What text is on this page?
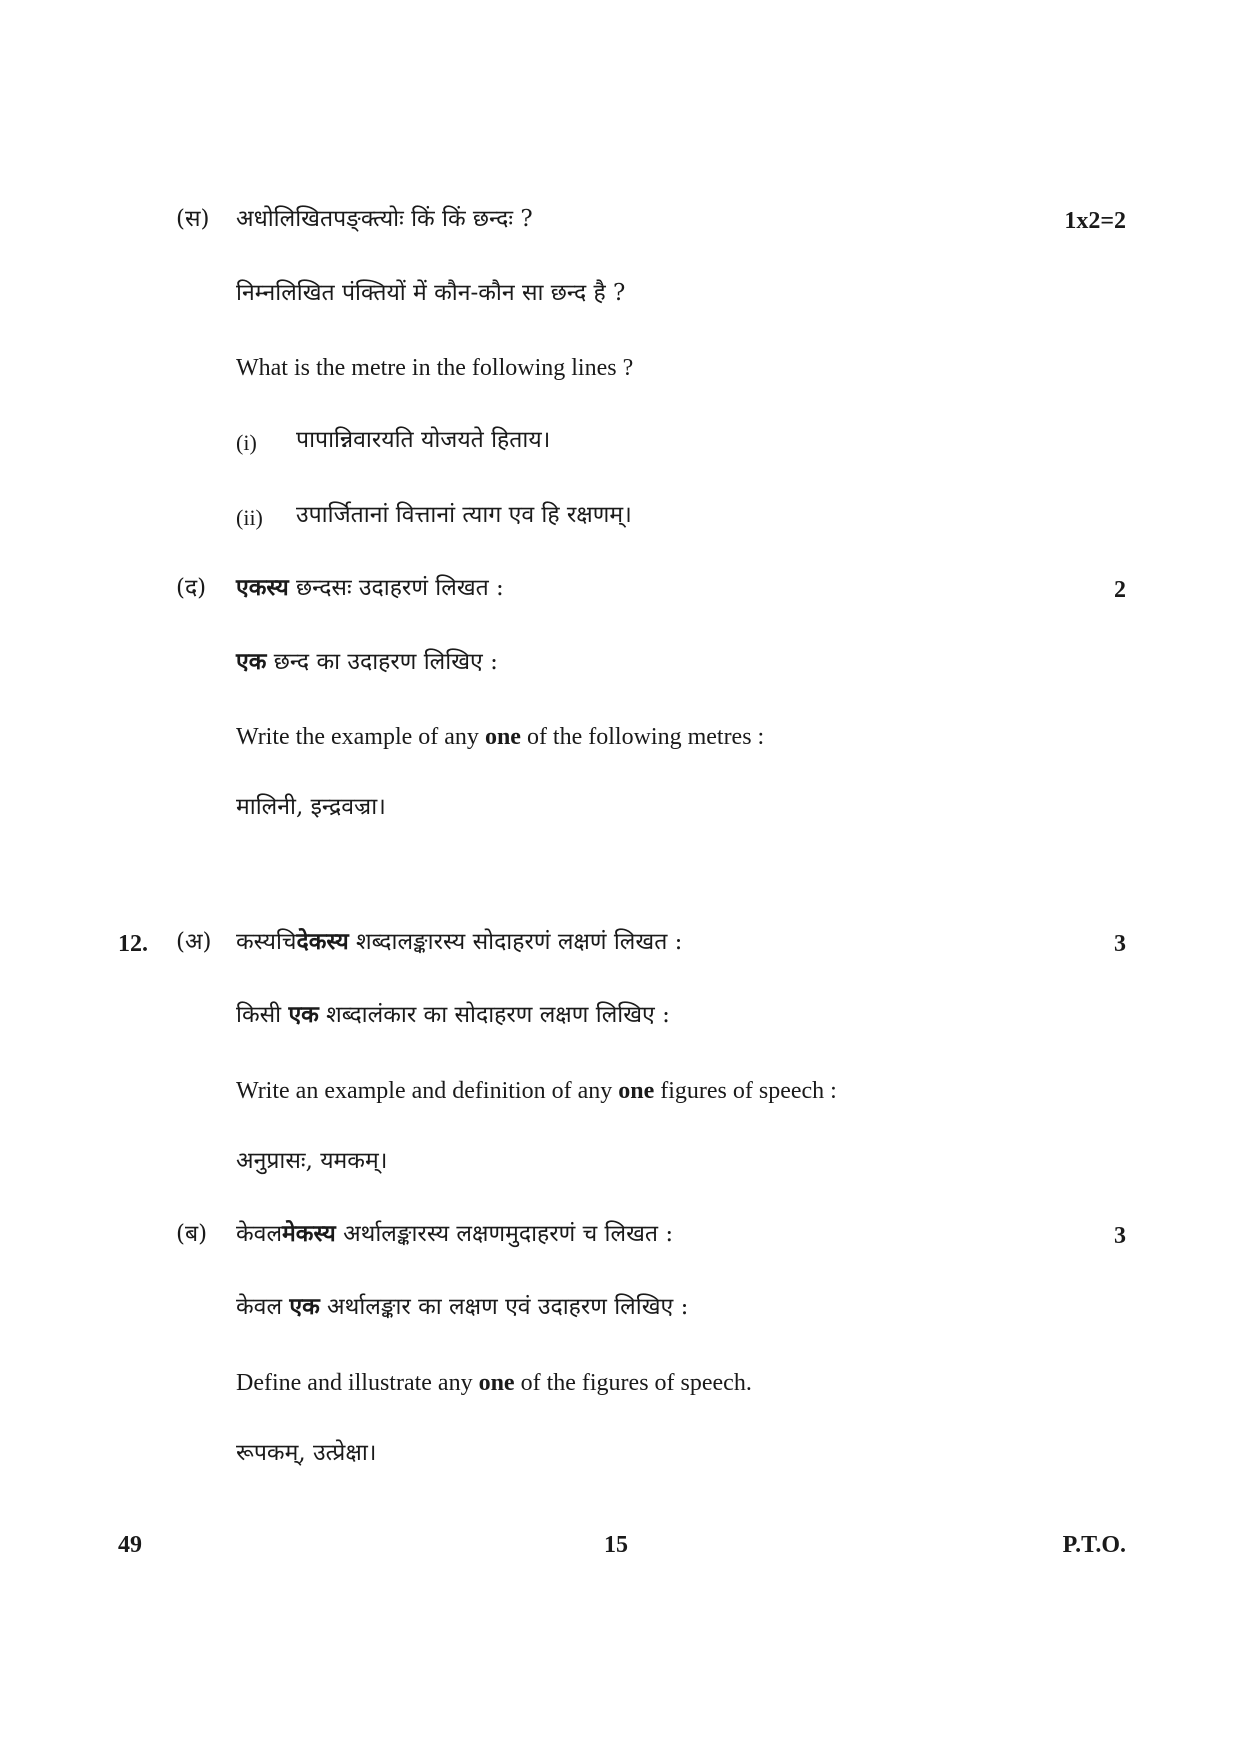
(स) अधोलिखितपङ्क्त्योः किं किं छन्दः ?	1x2=2
निम्नलिखित पंक्तियों में कौन-कौन सा छन्द है ?
What is the metre in the following lines ?
(i) पापान्निवारयति योजयते हिताय।
(ii) उपार्जितानां वित्तानां त्याग एव हि रक्षणम्।
(द) एकस्य छन्दसः उदाहरणं लिखत :	2
एक छन्द का उदाहरण लिखिए :
Write the example of any one of the following metres :
मालिनी, इन्द्रवज्रा।
12. (अ) कस्यचिदेकस्य शब्दालङ्कारस्य सोदाहरणं लक्षणं लिखत :	3
किसी एक शब्दालंकार का सोदाहरण लक्षण लिखिए :
Write an example and definition of any one figures of speech :
अनुप्रासः, यमकम्।
(ब) केवलमेकस्य अर्थालङ्कारस्य लक्षणमुदाहरणं च लिखत :	3
केवल एक अर्थालङ्कार का लक्षण एवं उदाहरण लिखिए :
Define and illustrate any one of the figures of speech.
रूपकम्, उत्प्रेक्षा।
49	15	P.T.O.
